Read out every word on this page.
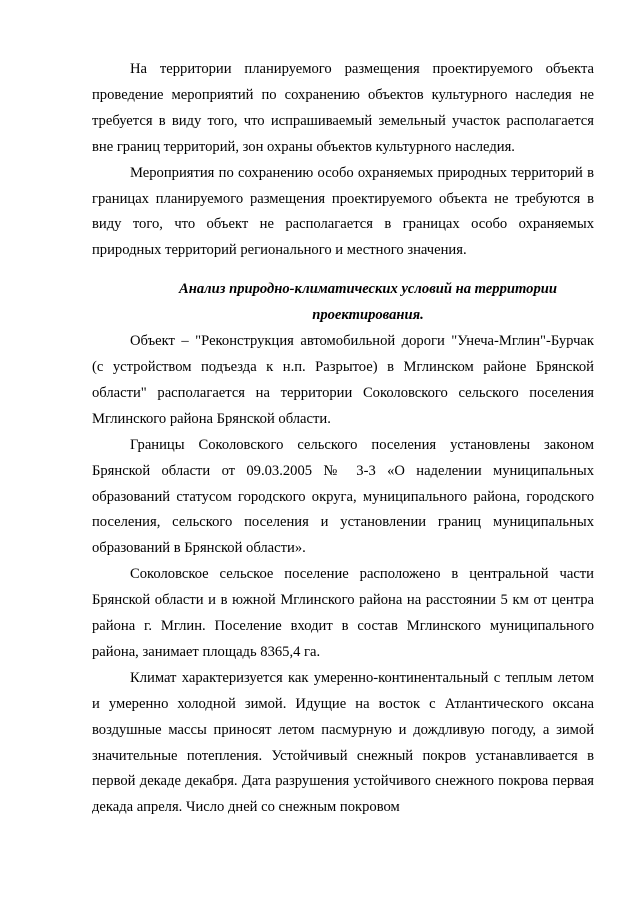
На территории планируемого размещения проектируемого объекта проведение мероприятий по сохранению объектов культурного наследия не требуется в виду того, что испрашиваемый земельный участок располагается вне границ территорий, зон охраны объектов культурного наследия.

Мероприятия по сохранению особо охраняемых природных территорий в границах планируемого размещения проектируемого объекта не требуются в виду того, что объект не располагается в границах особо охраняемых природных территорий регионального и местного значения.

Анализ природно-климатических условий на территории проектирования.

Объект – "Реконструкция автомобильной дороги "Унеча-Мглин"-Бурчак (с устройством подъезда к н.п. Разрытое) в Мглинском районе Брянской области" располагается на территории Соколовского сельского поселения Мглинского района Брянской области.

Границы Соколовского сельского поселения установлены законом Брянской области от 09.03.2005 № 3-3 «О наделении муниципальных образований статусом городского округа, муниципального района, городского поселения, сельского поселения и установлении границ муниципальных образований в Брянской области».

Соколовское сельское поселение расположено в центральной части Брянской области и в южной Мглинского района на расстоянии 5 км от центра района г. Мглин. Поселение входит в состав Мглинского муниципального района, занимает площадь 8365,4 га.

Климат характеризуется как умеренно-континентальный с теплым летом и умеренно холодной зимой. Идущие на восток с Атлантического оксана воздушные массы приносят летом пасмурную и дождливую погоду, а зимой значительные потепления. Устойчивый снежный покров устанавливается в первой декаде декабря. Дата разрушения устойчивого снежного покрова первая декада апреля. Число дней со снежным покровом
